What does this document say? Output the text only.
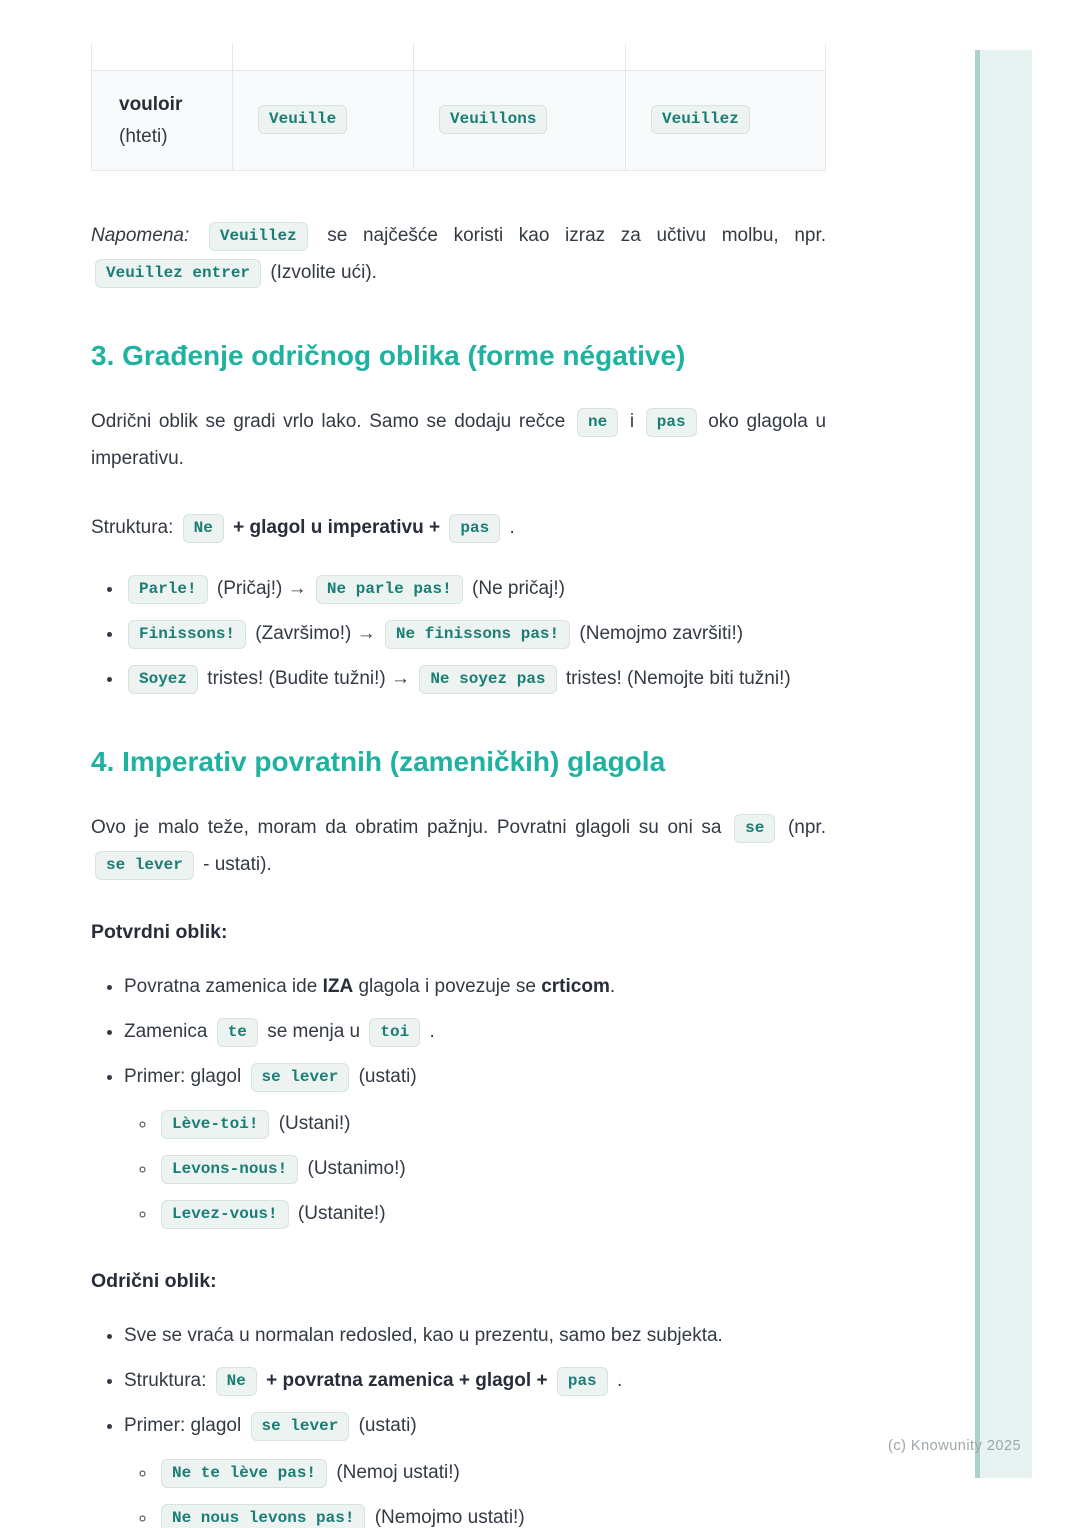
(c) Knowunity 2025
vouloir
(hteti)
Veuille	Veuillons	Veuillez

Napomena: Veuillez se najčešće koristi kao izraz za učtivu molbu, npr. Veuillez entrer (Izvolite ući).

3. Građenje odričnog oblika (forme négative)

Odrični oblik se gradi vrlo lako. Samo se dodaju rečce ne i pas oko glagola u imperativu.

Struktura: Ne + glagol u imperativu + pas .

• Parle! (Pričaj!) → Ne parle pas! (Ne pričaj!)
• Finissons! (Završimo!) → Ne finissons pas! (Nemojmo završiti!)
• Soyez tristes! (Budite tužni!) → Ne soyez pas tristes! (Nemojte biti tužni!)
4. Imperativ povratnih (zameničkih) glagola

Ovo je malo teže, moram da obratim pažnju. Povratni glagoli su oni sa se (npr. se lever - ustati).

Potvrdni oblik:

• Povratna zamenica ide IZA glagola i povezuje se crticom.
• Zamenica te se menja u toi .
• Primer: glagol se lever (ustati)
◦ Lève-toi! (Ustani!)
◦ Levons-nous! (Ustanimo!)
◦ Levez-vous! (Ustanite!)

Odrični oblik:

• Sve se vraća u normalan redosled, kao u prezentu, samo bez subjekta.
• Struktura: Ne + povratna zamenica + glagol + pas .
• Primer: glagol se lever (ustati)
◦ Ne te lève pas! (Nemoj ustati!)
◦ Ne nous levons pas! (Nemojmo ustati!)
